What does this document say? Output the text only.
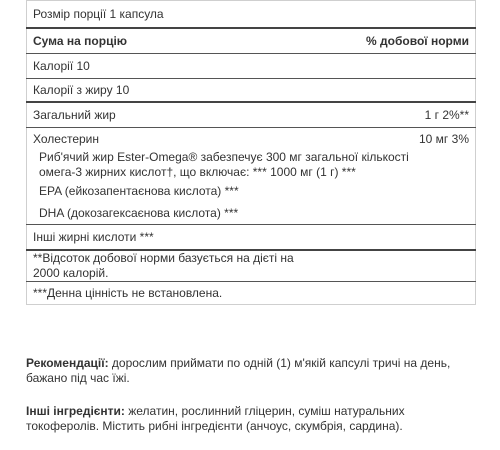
Розмір порції 1 капсула	
Сума на порцію	% добової норми
Калорії 10	
Калорії з жиру 10	
Загальний жир	1 г 2%**
Холестерин	10 мг 3%

Риб'ячий жир Ester-Omega® забезпечує 300 мг загальної кількості
омега-3 жирних кислот†, що включає: *** 1000 мг (1 г) ***	

EPA (ейкозапентаєнова кислота) ***	
DHA (докозагексаєнова кислота) ***	
Інші жирні кислоти ***	

**Відсоток добової норми базується на дієті на
2000 калорій.	

***Денна цінність не встановлена.	

Рекомендації: дорослим приймати по одній (1) м'якій капсулі тричі на день,
бажано під час їжі.

Інші інгредієнти: желатин, рослинний гліцерин, суміш натуральних
токоферолів. Містить рибні інгредієнти (анчоус, скумбрія, сардина).
